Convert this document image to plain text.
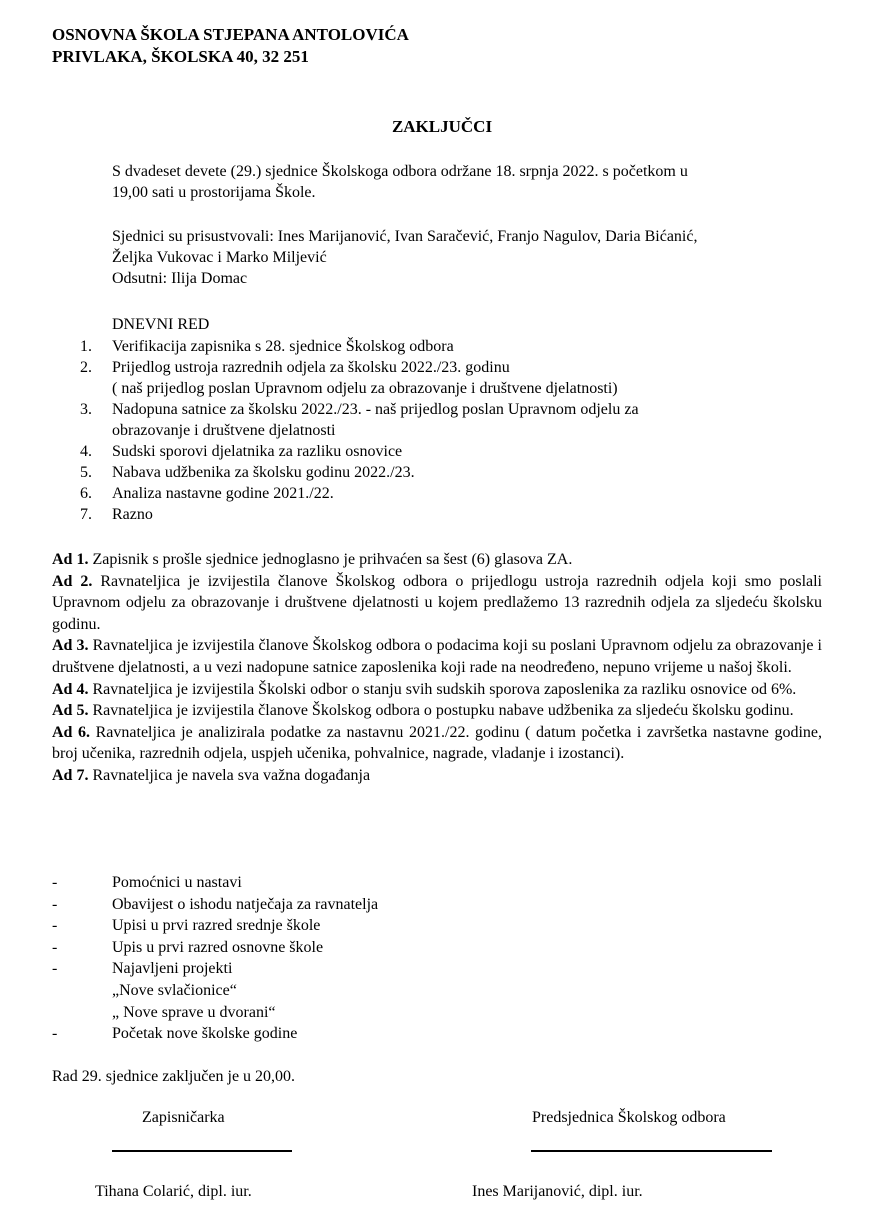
OSNOVNA ŠKOLA STJEPANA ANTOLOVIĆA
PRIVLAKA, ŠKOLSKA 40, 32 251
ZAKLJUČCI
S dvadeset devete (29.) sjednice Školskoga odbora održane 18. srpnja 2022. s početkom u
19,00 sati u prostorijama Škole.
Sjednici su prisustvovali: Ines Marijanović, Ivan Saračević, Franjo Nagulov, Daria Bićanić,
Željka Vukovac i Marko Miljević
Odsutni: Ilija Domac
DNEVNI RED
1.	Verifikacija zapisnika s 28. sjednice Školskog odbora
2.	Prijedlog ustroja razrednih odjela za školsku 2022./23. godinu
( naš prijedlog poslan Upravnom odjelu za obrazovanje i društvene djelatnosti)
3.	Nadopuna satnice za školsku 2022./23. - naš prijedlog poslan Upravnom odjelu za
obrazovanje i društvene djelatnosti
4.	Sudski sporovi djelatnika za razliku osnovice
5.	Nabava udžbenika za školsku godinu 2022./23.
6.	Analiza nastavne godine 2021./22.
7.	Razno

Ad 1. Zapisnik s prošle sjednice jednoglasno je prihvaćen sa šest (6) glasova ZA.

Ad 2. Ravnateljica je izvijestila članove Školskog odbora o prijedlogu ustroja razrednih odjela koji smo poslali Upravnom odjelu za obrazovanje i društvene djelatnosti u kojem predlažemo 13 razrednih odjela za sljedeću školsku godinu.

Ad 3. Ravnateljica je izvijestila članove Školskog odbora o podacima koji su poslani Upravnom odjelu za obrazovanje i društvene djelatnosti, a u vezi nadopune satnice zaposlenika koji rade na neodređeno, nepuno vrijeme u našoj školi.

Ad 4. Ravnateljica je izvijestila Školski odbor o stanju svih sudskih sporova zaposlenika za razliku osnovice od 6%.

Ad 5. Ravnateljica je izvijestila članove Školskog odbora o postupku nabave udžbenika za sljedeću školsku godinu.

Ad 6. Ravnateljica je analizirala podatke za nastavnu 2021./22. godinu ( datum početka i završetka nastavne godine, broj učenika, razrednih odjela, uspjeh učenika, pohvalnice, nagrade, vladanje i izostanci).

Ad 7. Ravnateljica je navela sva važna događanja

-	Pomoćnici u nastavi
-	Obavijest o ishodu natječaja za ravnatelja
-	Upisi u prvi razred srednje škole
-	Upis u prvi razred osnovne škole
-	Najavljeni projekti
„Nove svlačionice“
„ Nove sprave u dvorani“
-	Početak nove školske godine
Rad 29. sjednice zaključen je u 20,00.
Zapisničarka	Predsjednica Školskog odbora
Tihana Colarić, dipl. iur.	Ines Marijanović, dipl. iur.
